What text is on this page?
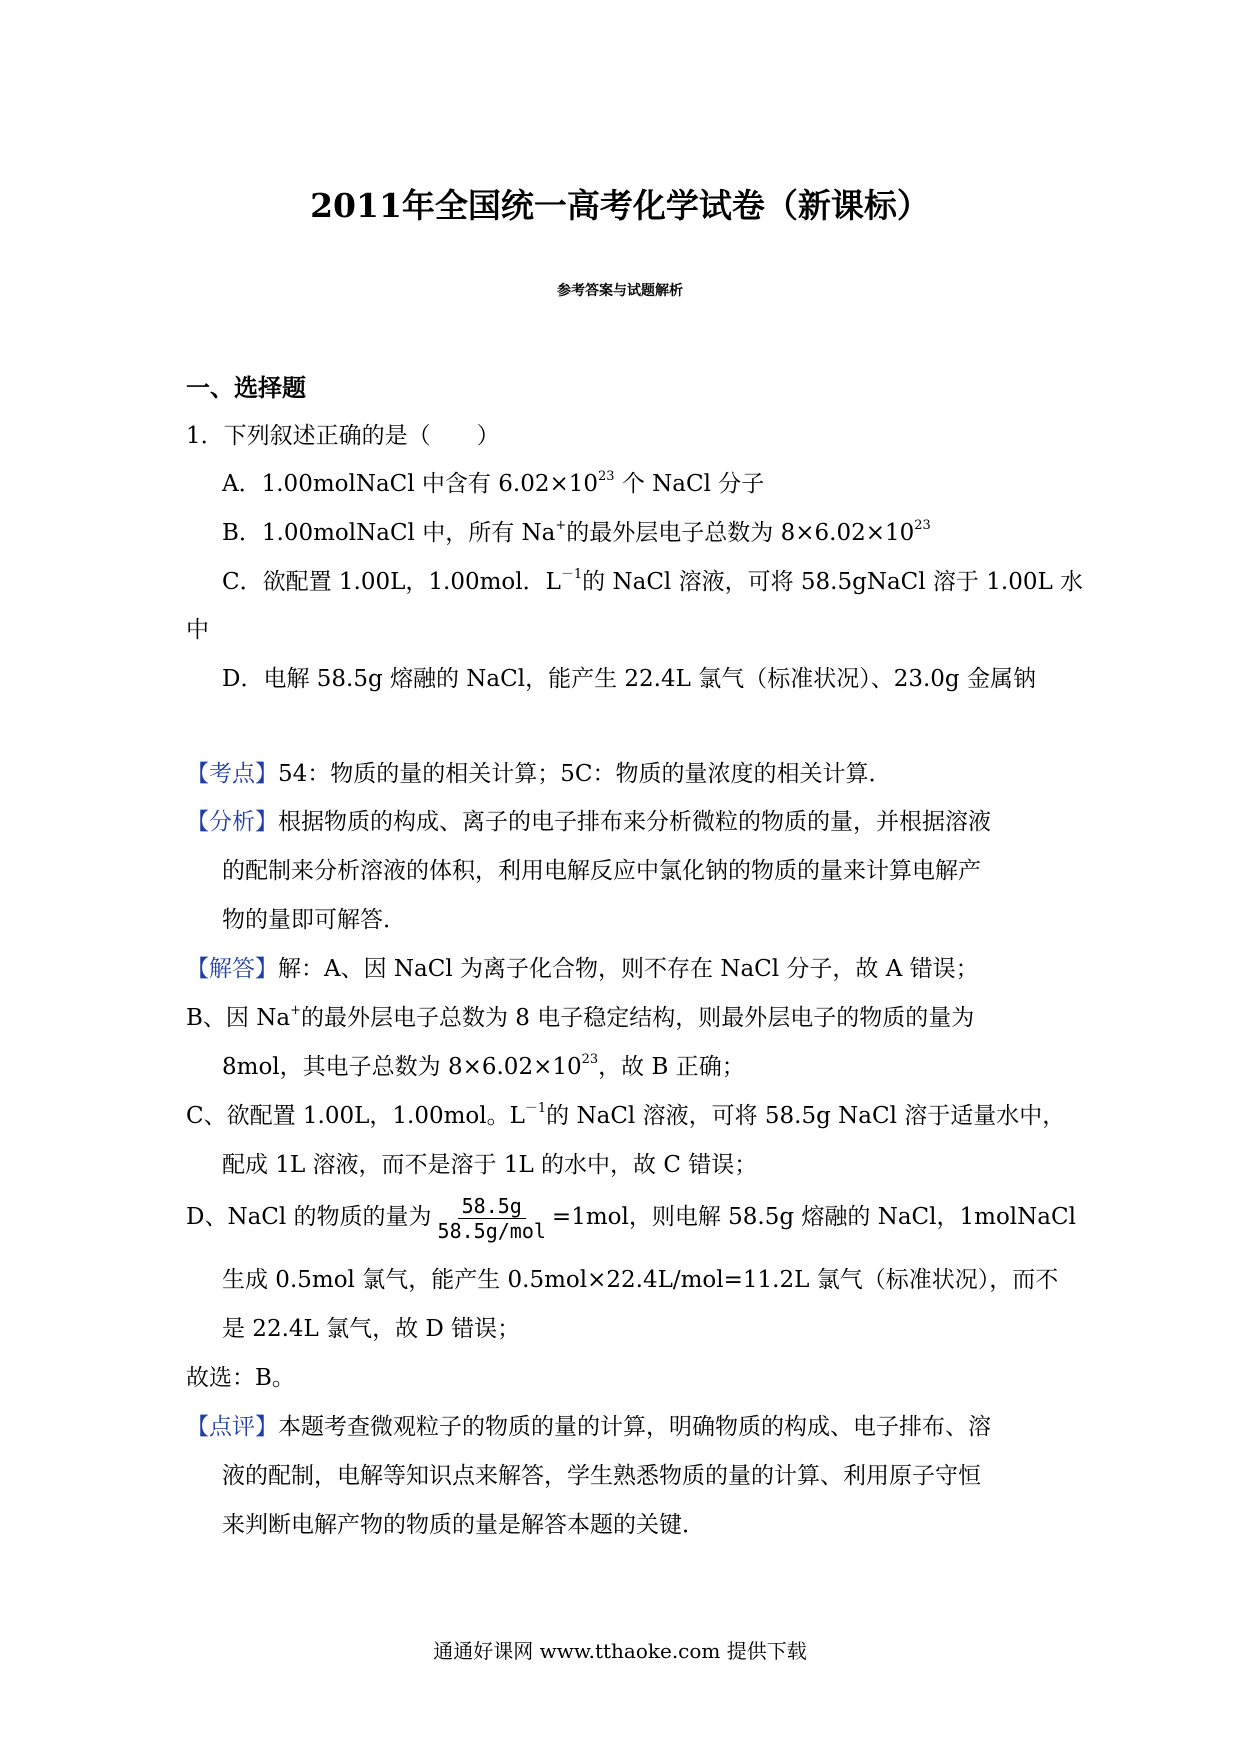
2011年全国统一高考化学试卷（新课标）
参考答案与试题解析
一、选择题
1．下列叙述正确的是（　　）
A．1.00molNaCl 中含有 $6.02\times 10^{23}$ 个 NaCl 分子
B．1.00molNaCl 中，所有 Na+的最外层电子总数为 $8\times 6.02\times 10^{23}$
C．欲配置 1.00L，1.00mol．$L^{-1}$的 NaCl 溶液，可将 58.5gNaCl 溶于 1.00L 水
中
D．电解 58.5g 熔融的 NaCl，能产生 22.4L 氯气（标准状况）、23.0g 金属钠
【考点】54：物质的量的相关计算；5C：物质的量浓度的相关计算．
【分析】根据物质的构成、离子的电子排布来分析微粒的物质的量，并根据溶液
的配制来分析溶液的体积，利用电解反应中氯化钠的物质的量来计算电解产
物的量即可解答．
【解答】解：A、因 NaCl 为离子化合物，则不存在 NaCl 分子，故 A 错误；
B、因 Na+的最外层电子总数为 8 电子稳定结构，则最外层电子的物质的量为
8mol，其电子总数为 $8\times 6.02\times 10^{23}$，故 B 正确；
C、欲配置 1.00L，1.00mol。$L^{-1}$的 NaCl 溶液，可将 58.5g NaCl 溶于适量水中，
配成 1L 溶液，而不是溶于 1L 的水中，故 C 错误；
D、NaCl 的物质的量为 $\frac{58.5g}{\text{58.5g/mol}} =1mol$，则电解 58.5g 熔融的 NaCl，1molNaCl
生成 0.5mol 氯气，能产生 0.5mol×22.4L/mol=11.2L 氯气（标准状况），而不
是 22.4L 氯气，故 D 错误；
故选：B。
【点评】本题考查微观粒子的物质的量的计算，明确物质的构成、电子排布、溶
液的配制，电解等知识点来解答，学生熟悉物质的量的计算、利用原子守恒
来判断电解产物的物质的量是解答本题的关键．
通通好课网 www.tthaoke.com 提供下载
